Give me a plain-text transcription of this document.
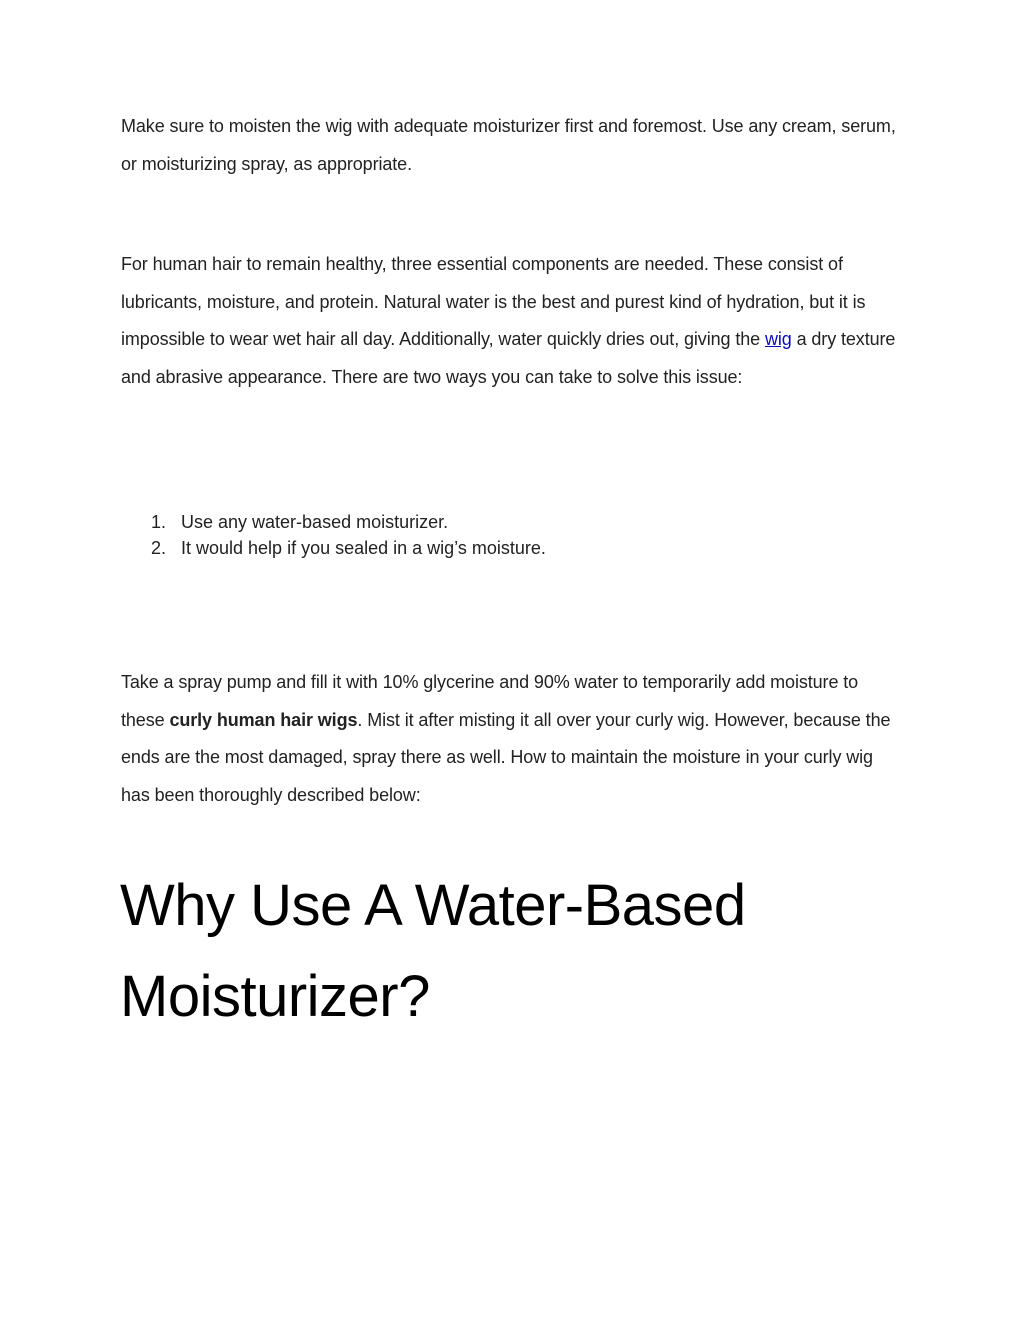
Make sure to moisten the wig with adequate moisturizer first and foremost. Use any cream, serum, or moisturizing spray, as appropriate.

For human hair to remain healthy, three essential components are needed. These consist of lubricants, moisture, and protein. Natural water is the best and purest kind of hydration, but it is impossible to wear wet hair all day. Additionally, water quickly dries out, giving the wig a dry texture and abrasive appearance. There are two ways you can take to solve this issue:

1. Use any water-based moisturizer.
2. It would help if you sealed in a wig’s moisture.

Take a spray pump and fill it with 10% glycerine and 90% water to temporarily add moisture to these curly human hair wigs. Mist it after misting it all over your curly wig. However, because the ends are the most damaged, spray there as well. How to maintain the moisture in your curly wig has been thoroughly described below:

Why Use A Water-Based Moisturizer?
